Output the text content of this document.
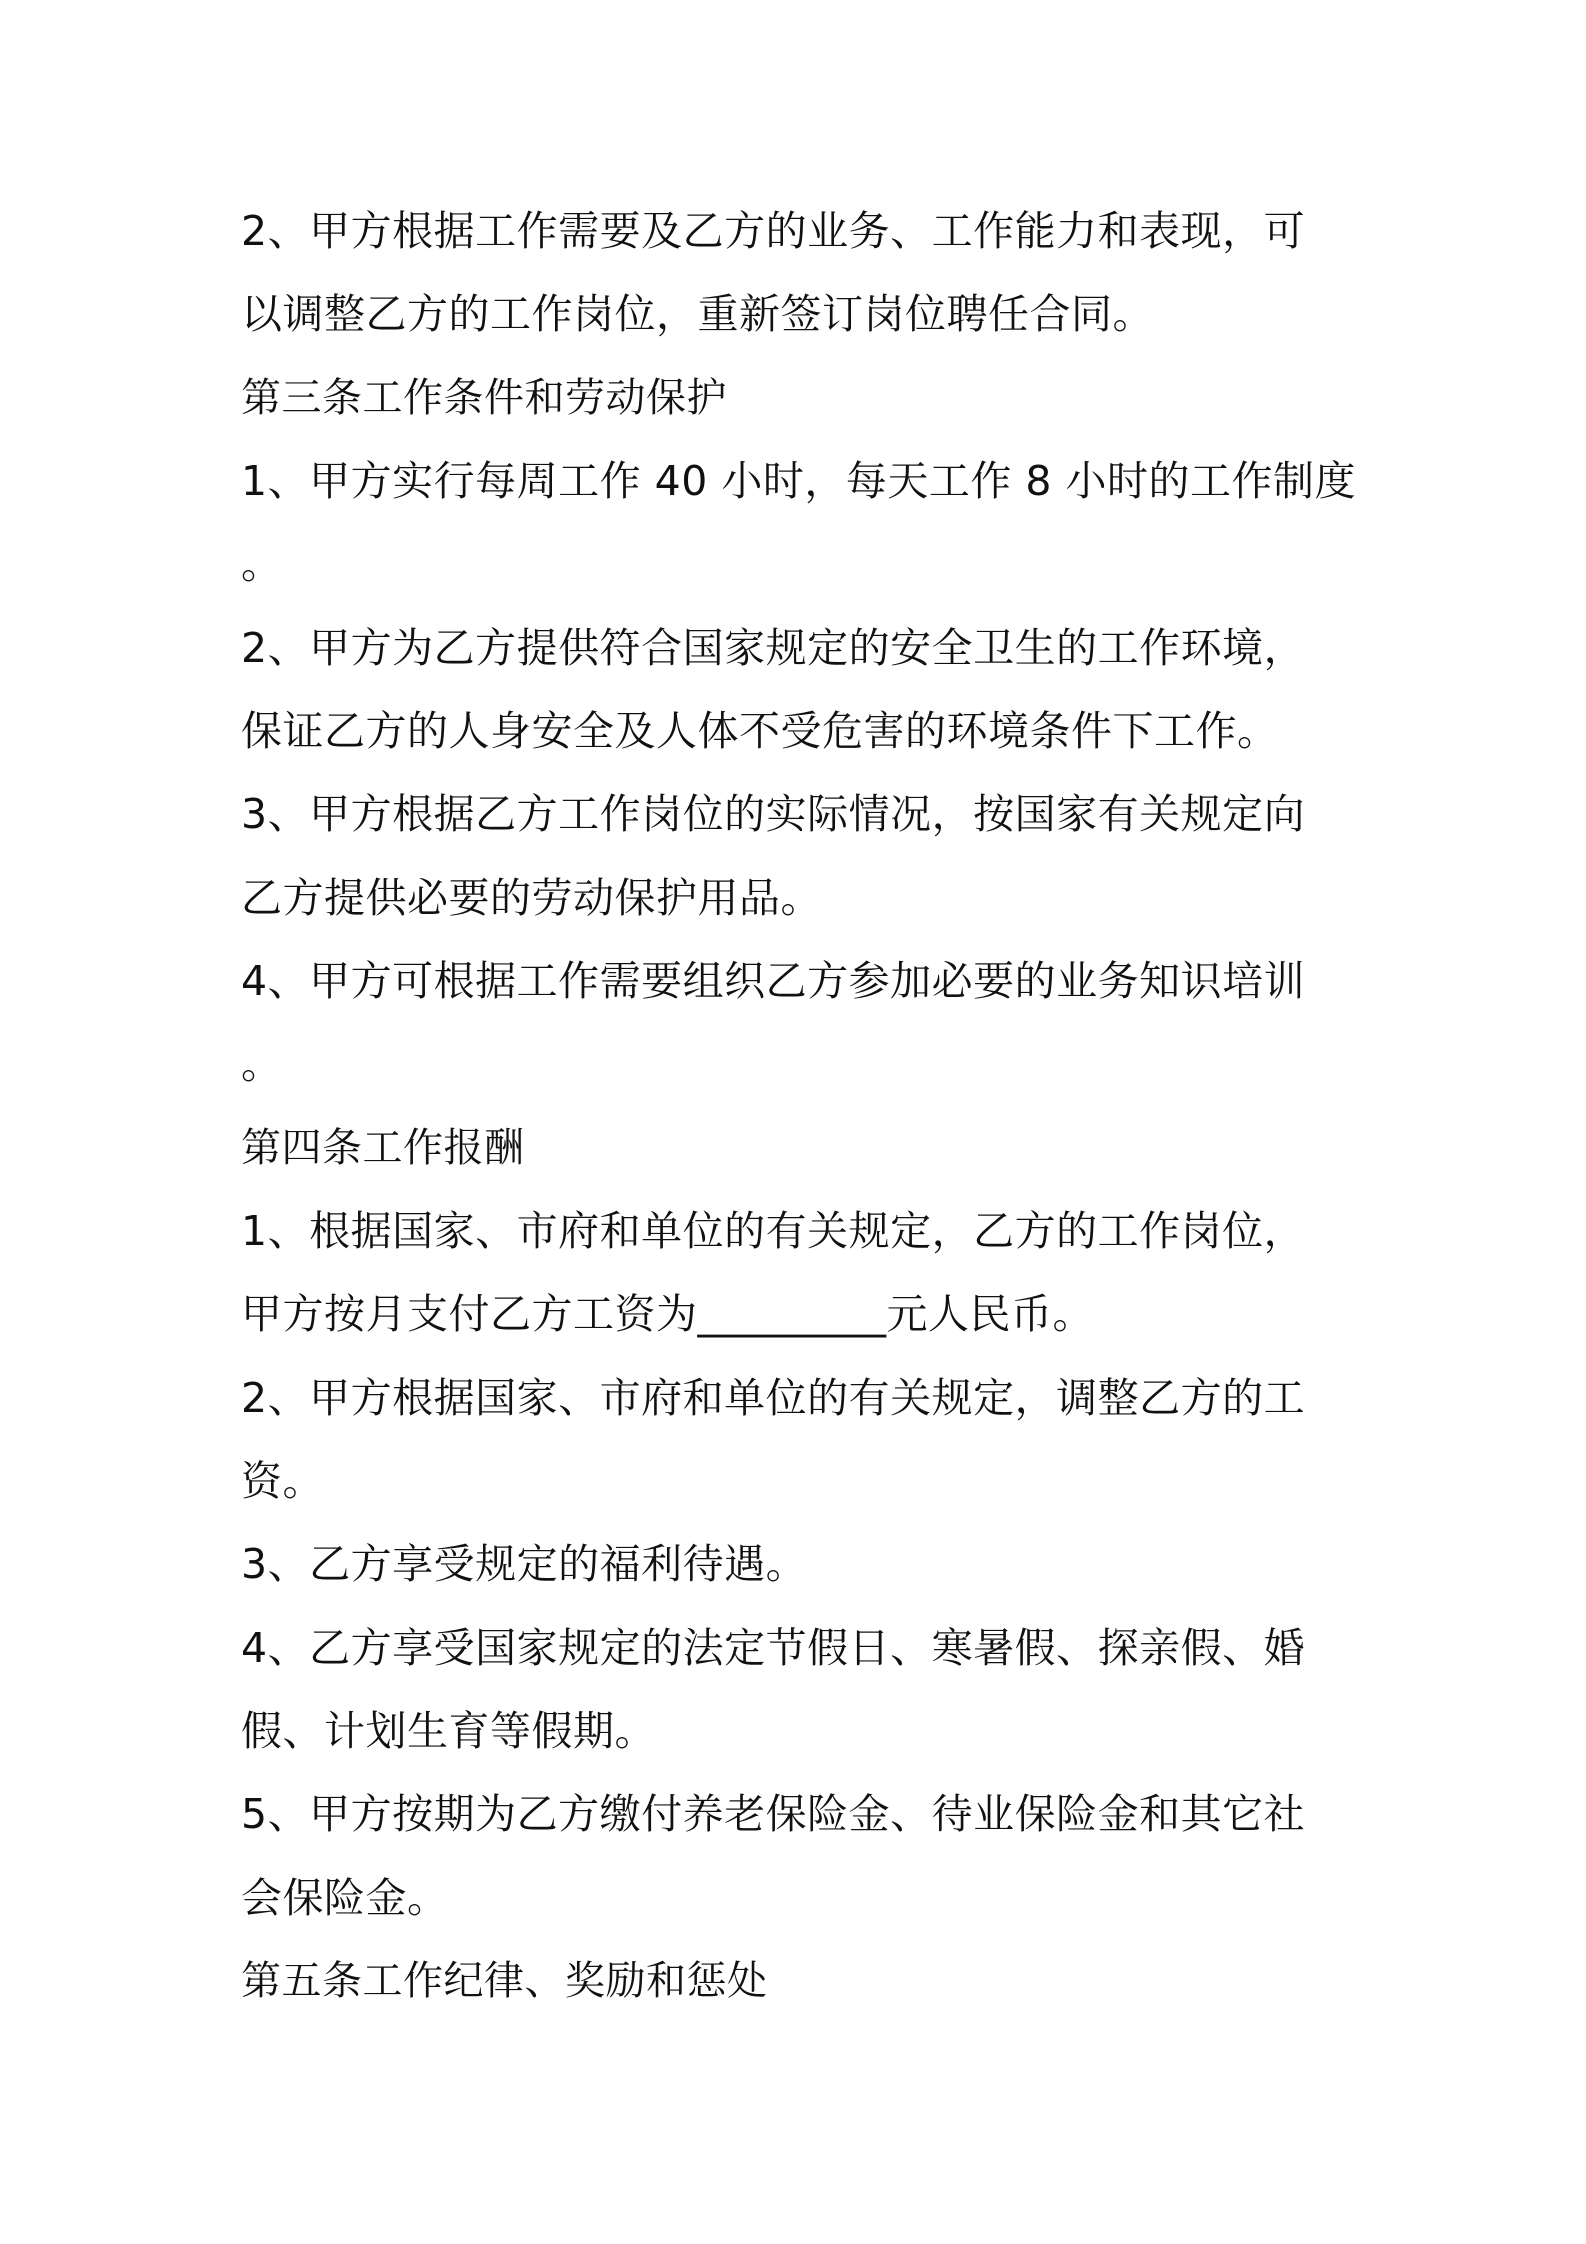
2、甲方根据工作需要及乙方的业务、工作能力和表现，可
以调整乙方的工作岗位，重新签订岗位聘任合同。
第三条工作条件和劳动保护
1、甲方实行每周工作 40 小时，每天工作 8 小时的工作制度
。
2、甲方为乙方提供符合国家规定的安全卫生的工作环境，
保证乙方的人身安全及人体不受危害的环境条件下工作。
3、甲方根据乙方工作岗位的实际情况，按国家有关规定向
乙方提供必要的劳动保护用品。
4、甲方可根据工作需要组织乙方参加必要的业务知识培训
。
第四条工作报酬
1、根据国家、市府和单位的有关规定，乙方的工作岗位，
甲方按月支付乙方工资为_________元人民币。
2、甲方根据国家、市府和单位的有关规定，调整乙方的工
资。
3、乙方享受规定的福利待遇。
4、乙方享受国家规定的法定节假日、寒暑假、探亲假、婚
假、计划生育等假期。
5、甲方按期为乙方缴付养老保险金、待业保险金和其它社
会保险金。
第五条工作纪律、奖励和惩处
